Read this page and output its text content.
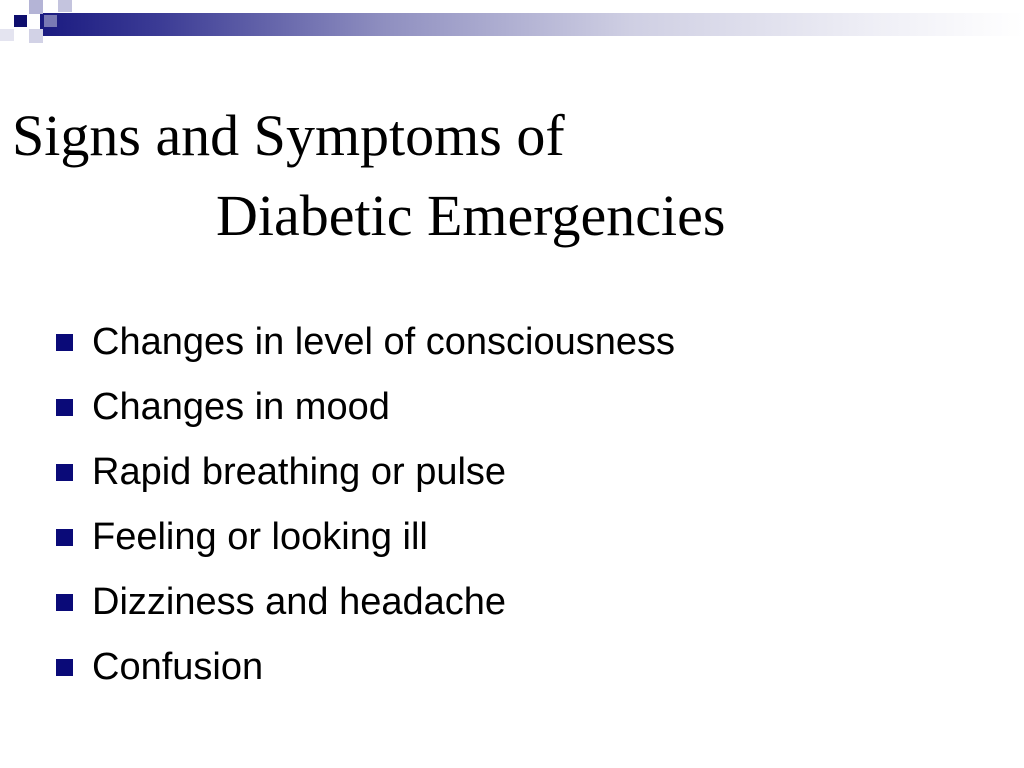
Signs and Symptoms of
Diabetic Emergencies
Changes in level of consciousness
Changes in mood
Rapid breathing or pulse
Feeling or looking ill
Dizziness and headache
Confusion
